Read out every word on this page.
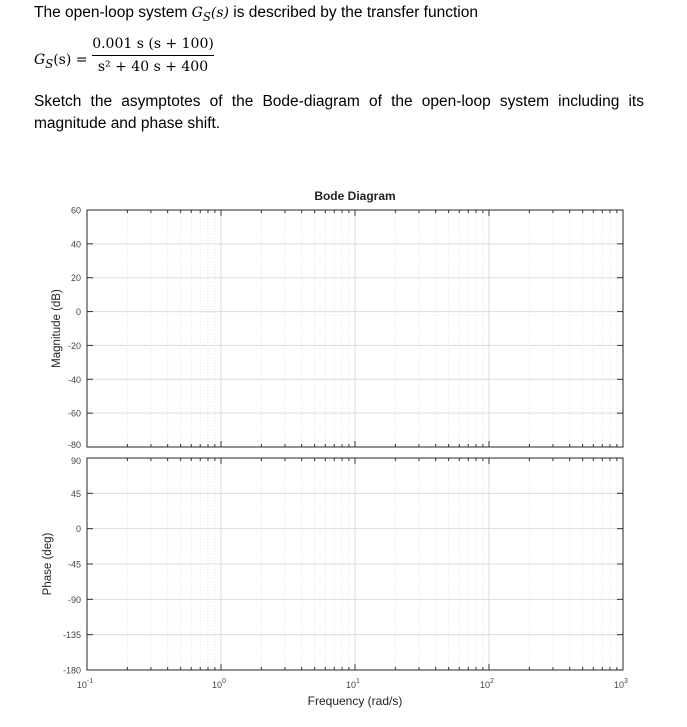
The open-loop system $G_S(s)$ is described by the transfer function
$G_S(s)$ =
0.001 s (s + 100)
s² + 40 s + 400
Sketch the asymptotes of the Bode-diagram of the open-loop system including its magnitude and phase shift.
Bode Diagram
60
40
20
0
-20
-40
-60
-80
Magnitude (dB)
90
45
0
-45
-90
-135
-180
Phase (deg)
$10^{-1}$	$10^0$	$10^1$	$10^2$	$10^3$
Frequency (rad/s)
